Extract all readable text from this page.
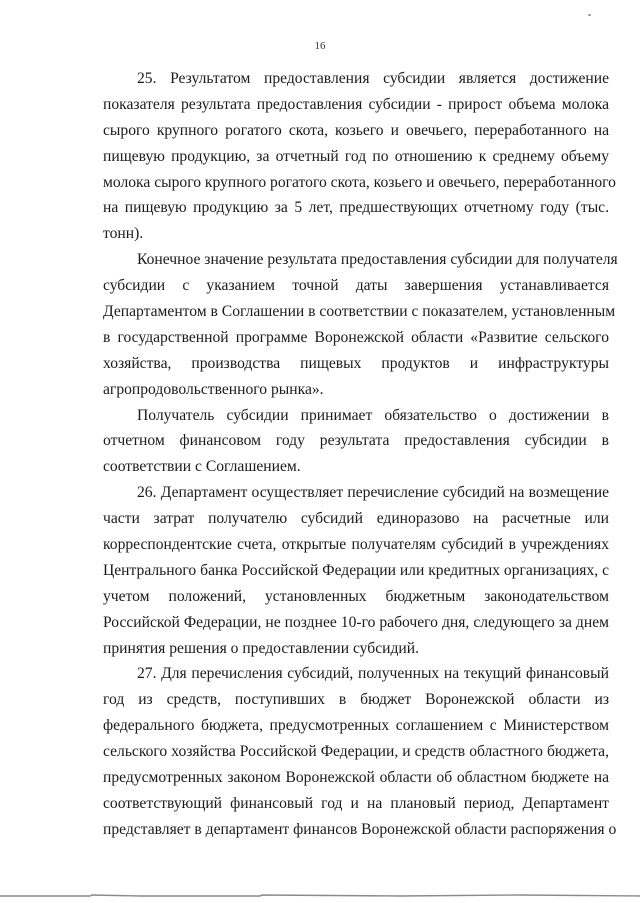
16
25. Результатом предоставления субсидии является достижение
показателя результата предоставления субсидии - прирост объема молока
сырого крупного рогатого скота, козьего и овечьего, переработанного на
пищевую продукцию, за отчетный год по отношению к среднему объему
молока сырого крупного рогатого скота, козьего и овечьего, переработанного
на пищевую продукцию за 5 лет, предшествующих отчетному году (тыс.
тонн).
Конечное значение результата предоставления субсидии для получателя
субсидии с указанием точной даты завершения устанавливается
Департаментом в Соглашении в соответствии с показателем, установленным
в государственной программе Воронежской области «Развитие сельского
хозяйства, производства пищевых продуктов и инфраструктуры
агропродовольственного рынка».
Получатель субсидии принимает обязательство о достижении в
отчетном финансовом году результата предоставления субсидии в
соответствии с Соглашением.
26. Департамент осуществляет перечисление субсидий на возмещение
части затрат получателю субсидий единоразово на расчетные или
корреспондентские счета, открытые получателям субсидий в учреждениях
Центрального банка Российской Федерации или кредитных организациях, с
учетом положений, установленных бюджетным законодательством
Российской Федерации, не позднее 10-го рабочего дня, следующего за днем
принятия решения о предоставлении субсидий.
27. Для перечисления субсидий, полученных на текущий финансовый
год из средств, поступивших в бюджет Воронежской области из
федерального бюджета, предусмотренных соглашением с Министерством
сельского хозяйства Российской Федерации, и средств областного бюджета,
предусмотренных законом Воронежской области об областном бюджете на
соответствующий финансовый год и на плановый период, Департамент
представляет в департамент финансов Воронежской области распоряжения о
